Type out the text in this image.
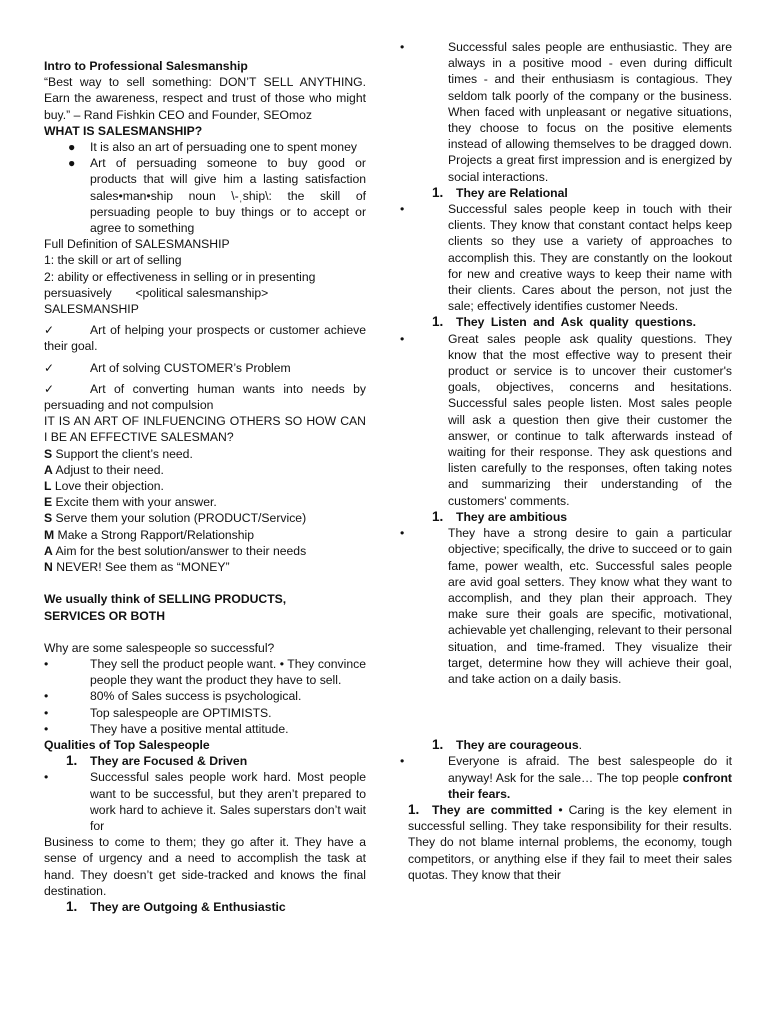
Intro to Professional Salesmanship

“Best way to sell something: DON’T SELL ANYTHING. Earn the awareness, respect and trust of those who might buy.” – Rand Fishkin CEO and Founder, SEOmoz

WHAT IS SALESMANSHIP?

●	It is also an art of persuading one to spent money
●	Art of persuading someone to buy good or products that will give him a lasting satisfaction sales•man•ship noun \-ˌship\: the skill of persuading people to buy things or to accept or agree to something

Full Definition of SALESMANSHIP

1: the skill or art of selling

2: ability or effectiveness in selling or in presenting persuasively       <political salesmanship>

SALESMANSHIP

✓	Art of helping your prospects or customer achieve their goal.

✓	Art of solving CUSTOMER’s Problem

✓	Art of converting human wants into needs by persuading and not compulsion

IT IS AN ART OF INLFUENCING OTHERS SO HOW CAN I BE AN EFFECTIVE SALESMAN?

S Support the client’s need.

A Adjust to their need.

L Love their objection.

E Excite them with your answer.

S Serve them your solution (PRODUCT/Service)

M Make a Strong Rapport/Relationship

A Aim for the best solution/answer to their needs

N NEVER! See them as “MONEY”

We usually think of SELLING PRODUCTS,

SERVICES OR BOTH

Why are some salespeople so successful?

•	They sell the product people want. • They convince people they want the product they have to sell.
•	80% of Sales success is psychological.
•	Top salespeople are OPTIMISTS.
•	They have a positive mental attitude.

Qualities of Top Salespeople

1. They are Focused & Driven

•	Successful sales people work hard. Most people want to be successful, but they aren’t prepared to work hard to achieve it. Sales superstars don’t wait for

Business to come to them; they go after it. They have a sense of urgency and a need to accomplish the task at hand. They doesn’t get side-tracked and knows the final destination.

1. They are Outgoing & Enthusiastic

•	Successful sales people are enthusiastic. They are always in a positive mood - even during difficult times - and their enthusiasm is contagious. They seldom talk poorly of the company or the business. When faced with unpleasant or negative situations, they choose to focus on the positive elements instead of allowing themselves to be dragged down. Projects a great first impression and is energized by social interactions.

1. They are Relational

•	Successful sales people keep in touch with their clients. They know that constant contact helps keep clients so they use a variety of approaches to accomplish this. They are constantly on the lookout for new and creative ways to keep their name with their clients. Cares about the person, not just the sale; effectively identifies customer Needs.
1.	They Listen and Ask quality questions.
•	Great sales people ask quality questions. They know that the most effective way to present their product or service is to uncover their customer's goals, objectives, concerns and hesitations. Successful sales people listen. Most sales people will ask a question then give their customer the answer, or continue to talk afterwards instead of waiting for their response. They ask questions and listen carefully to the responses, often taking notes and summarizing their understanding of the customers' comments.

1. They are ambitious

•	They have a strong desire to gain a particular objective; specifically, the drive to succeed or to gain fame, power wealth, etc. Successful sales people are avid goal setters. They know what they want to accomplish, and they plan their approach. They make sure their goals are specific, motivational, achievable yet challenging, relevant to their personal situation, and time-framed. They visualize their target, determine how they will achieve their goal, and take action on a daily basis.

1. They are courageous.

•	Everyone is afraid. The best salespeople do it anyway! Ask for the sale… The top people confront their fears.

1. They are committed • Caring is the key element in successful selling. They take responsibility for their results. They do not blame internal problems, the economy, tough competitors, or anything else if they fail to meet their sales quotas. They know that their
